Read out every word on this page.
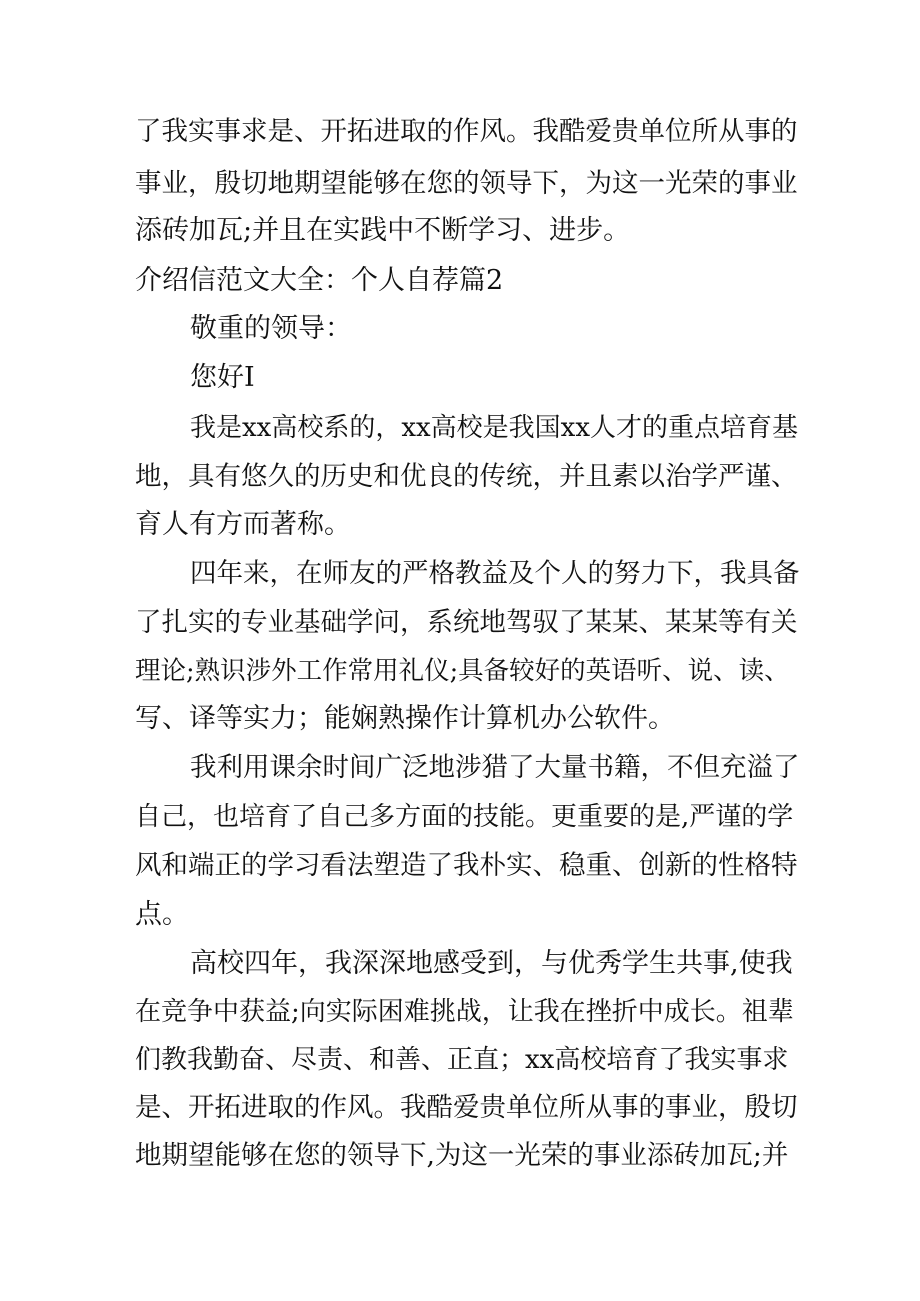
了我实事求是、开拓进取的作风。我酷爱贵单位所从事的
事业，殷切地期望能够在您的领导下，为这一光荣的事业
添砖加瓦;并且在实践中不断学习、进步。
介绍信范文大全：个人自荐篇2
敬重的领导：
您好I
我是xx高校系的，xx高校是我国xx人才的重点培育基
地，具有悠久的历史和优良的传统，并且素以治学严谨、
育人有方而著称。
四年来，在师友的严格教益及个人的努力下，我具备
了扎实的专业基础学问，系统地驾驭了某某、某某等有关
理论;熟识涉外工作常用礼仪;具备较好的英语听、说、读、
写、译等实力；能娴熟操作计算机办公软件。
我利用课余时间广泛地涉猎了大量书籍，不但充溢了
自己，也培育了自己多方面的技能。更重要的是,严谨的学
风和端正的学习看法塑造了我朴实、稳重、创新的性格特
点。
高校四年，我深深地感受到，与优秀学生共事,使我
在竞争中获益;向实际困难挑战，让我在挫折中成长。祖辈
们教我勤奋、尽责、和善、正直；xx高校培育了我实事求
是、开拓进取的作风。我酷爱贵单位所从事的事业，殷切
地期望能够在您的领导下,为这一光荣的事业添砖加瓦;并
